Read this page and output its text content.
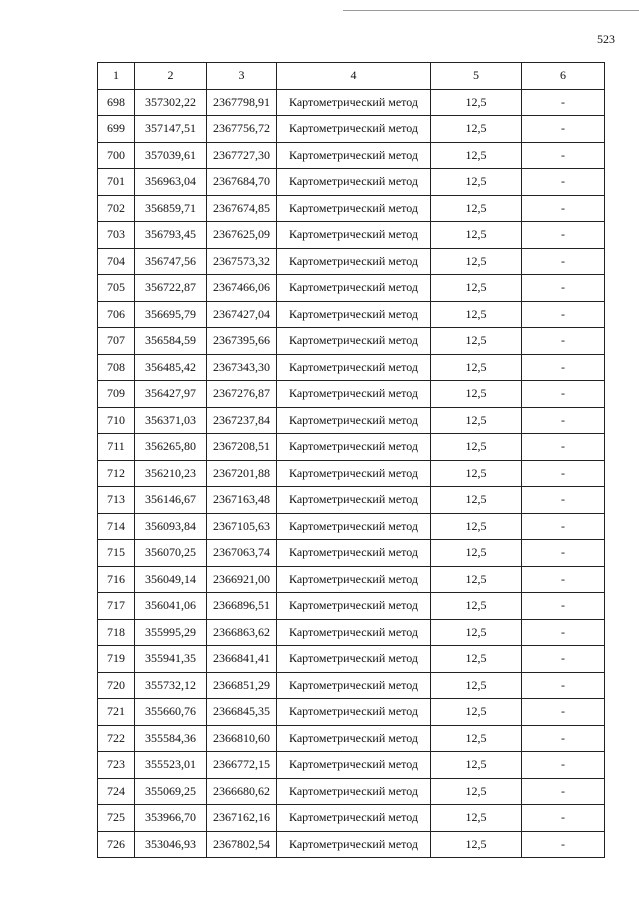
523
1	2	3	4	5	6
698	357302,22	2367798,91	Картометрический метод	12,5	-
699	357147,51	2367756,72	Картометрический метод	12,5	-
700	357039,61	2367727,30	Картометрический метод	12,5	-
701	356963,04	2367684,70	Картометрический метод	12,5	-
702	356859,71	2367674,85	Картометрический метод	12,5	-
703	356793,45	2367625,09	Картометрический метод	12,5	-
704	356747,56	2367573,32	Картометрический метод	12,5	-
705	356722,87	2367466,06	Картометрический метод	12,5	-
706	356695,79	2367427,04	Картометрический метод	12,5	-
707	356584,59	2367395,66	Картометрический метод	12,5	-
708	356485,42	2367343,30	Картометрический метод	12,5	-
709	356427,97	2367276,87	Картометрический метод	12,5	-
710	356371,03	2367237,84	Картометрический метод	12,5	-
711	356265,80	2367208,51	Картометрический метод	12,5	-
712	356210,23	2367201,88	Картометрический метод	12,5	-
713	356146,67	2367163,48	Картометрический метод	12,5	-
714	356093,84	2367105,63	Картометрический метод	12,5	-
715	356070,25	2367063,74	Картометрический метод	12,5	-
716	356049,14	2366921,00	Картометрический метод	12,5	-
717	356041,06	2366896,51	Картометрический метод	12,5	-
718	355995,29	2366863,62	Картометрический метод	12,5	-
719	355941,35	2366841,41	Картометрический метод	12,5	-
720	355732,12	2366851,29	Картометрический метод	12,5	-
721	355660,76	2366845,35	Картометрический метод	12,5	-
722	355584,36	2366810,60	Картометрический метод	12,5	-
723	355523,01	2366772,15	Картометрический метод	12,5	-
724	355069,25	2366680,62	Картометрический метод	12,5	-
725	353966,70	2367162,16	Картометрический метод	12,5	-
726	353046,93	2367802,54	Картометрический метод	12,5	-
